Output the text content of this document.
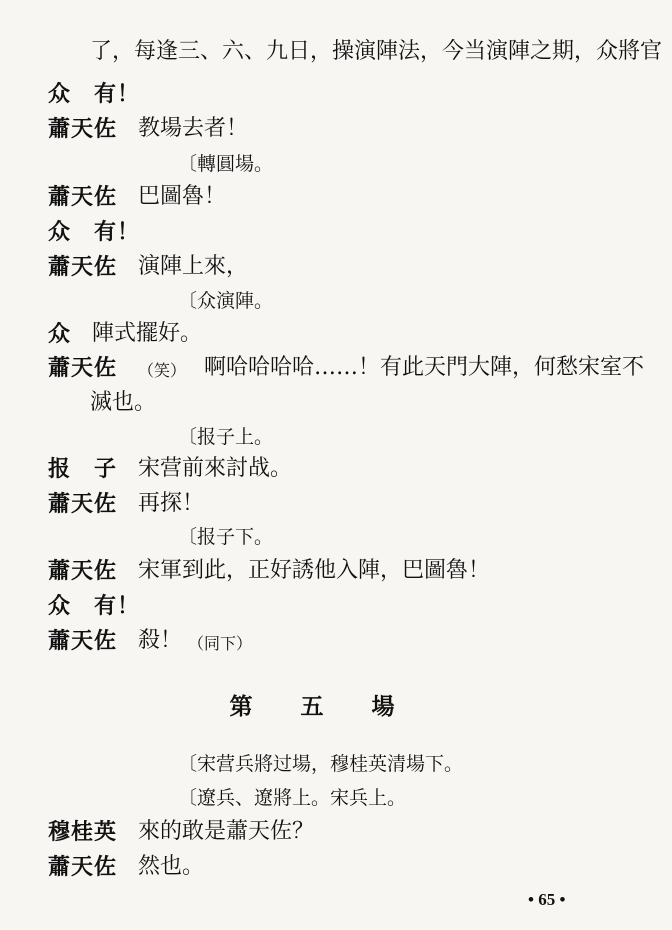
了，每逢三、六、九日，操演陣法，今当演陣之期，众將官
众　有！
蕭天佐 教場去者！
〔轉圓場。
蕭天佐 巴圖魯！
众　有！
蕭天佐 演陣上來，
〔众演陣。
众 陣式擺好。
蕭天佐	（笑） 啊哈哈哈哈……！有此天門大陣，何愁宋室不
滅也。
〔报子上。
报　子 宋营前來討战。
蕭天佐 再探！
〔报子下。
蕭天佐 宋軍到此，正好誘他入陣，巴圖魯！
众　有！
蕭天佐 殺！ （同下）
第五場
〔宋营兵將过場，穆桂英清場下。
〔遼兵、遼將上。宋兵上。
穆桂英 來的敢是蕭天佐？
蕭天佐 然也。
• 65 •
